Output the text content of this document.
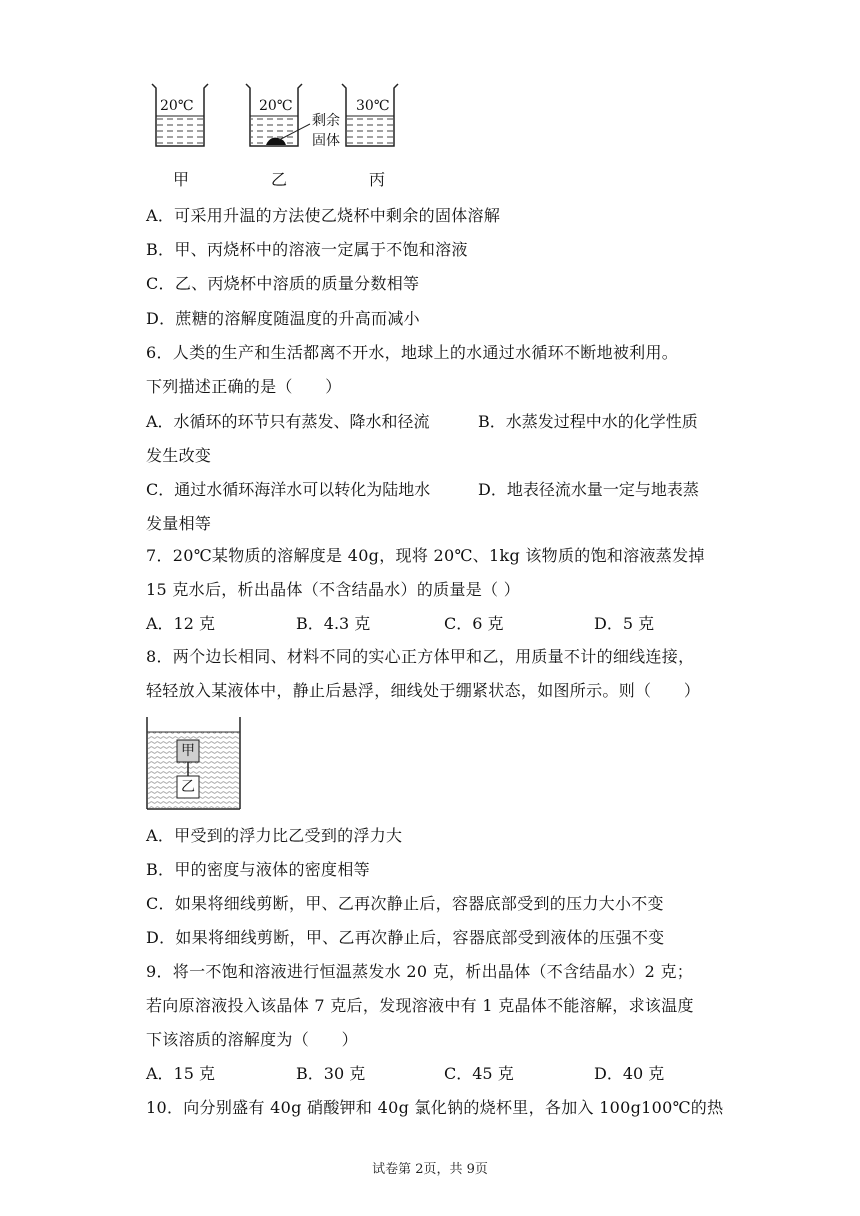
20℃	20℃	30℃
剩余
固体
甲	乙	丙
A．可采用升温的方法使乙烧杯中剩余的固体溶解
B．甲、丙烧杯中的溶液一定属于不饱和溶液
C．乙、丙烧杯中溶质的质量分数相等
D．蔗糖的溶解度随温度的升高而减小
6．人类的生产和生活都离不开水，地球上的水通过水循环不断地被利用。
下列描述正确的是（　　）
A．水循环的环节只有蒸发、降水和径流	B．水蒸发过程中水的化学性质
发生改变
C．通过水循环海洋水可以转化为陆地水	D．地表径流水量一定与地表蒸
发量相等
7．20℃某物质的溶解度是 40g，现将 20℃、1kg 该物质的饱和溶液蒸发掉
15 克水后，析出晶体（不含结晶水）的质量是（ ）
A．12 克	B．4.3 克	C．6 克	D．5 克
8．两个边长相同、材料不同的实心正方体甲和乙，用质量不计的细线连接，
轻轻放入某液体中，静止后悬浮，细线处于绷紧状态，如图所示。则（　　）
甲
乙
A．甲受到的浮力比乙受到的浮力大
B．甲的密度与液体的密度相等
C．如果将细线剪断，甲、乙再次静止后，容器底部受到的压力大小不变
D．如果将细线剪断，甲、乙再次静止后，容器底部受到液体的压强不变
9．将一不饱和溶液进行恒温蒸发水 20 克，析出晶体（不含结晶水）2 克；
若向原溶液投入该晶体 7 克后，发现溶液中有 1 克晶体不能溶解，求该温度
下该溶质的溶解度为（　　）
A．15 克	B．30 克	C．45 克	D．40 克
10．向分别盛有 40g 硝酸钾和 40g 氯化钠的烧杯里，各加入 100g100℃的热
试卷第 2页，共 9页
